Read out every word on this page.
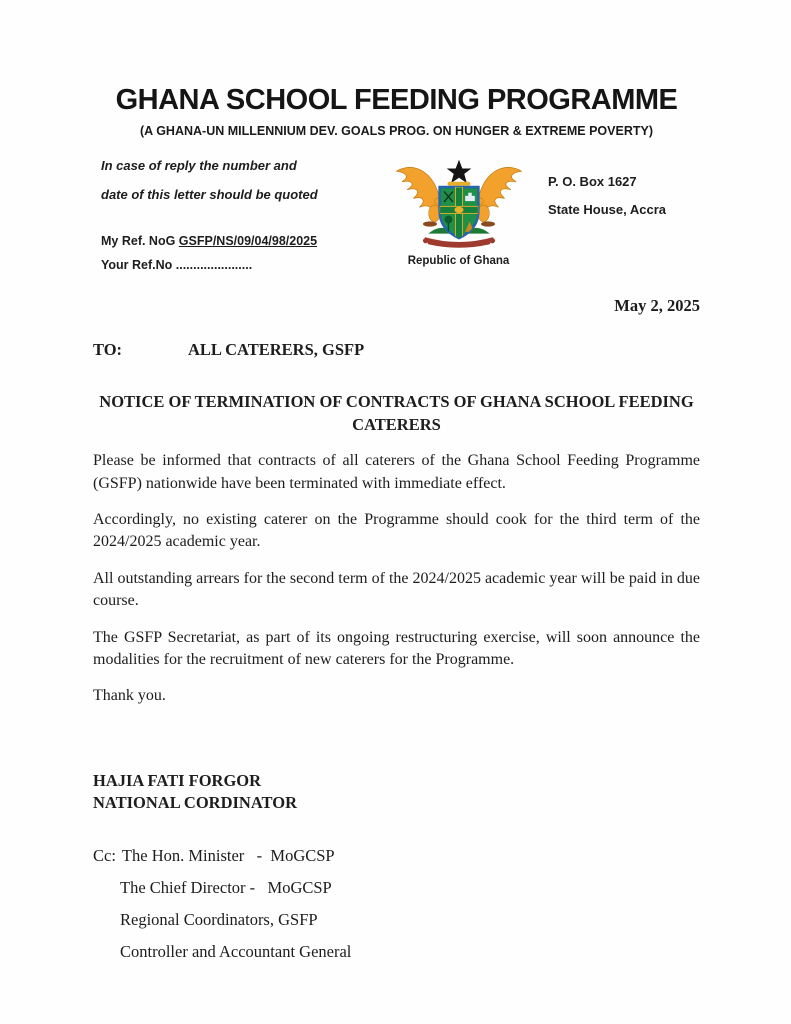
GHANA SCHOOL FEEDING PROGRAMME
(A GHANA-UN MILLENNIUM DEV. GOALS PROG. ON HUNGER & EXTREME POVERTY)
In case of reply the number and
date of this letter should be quoted
My Ref. NoG GSFP/NS/09/04/98/2025
Your Ref.No ......................	Republic of Ghana
P. O. Box 1627
State House, Accra
May 2, 2025
TO:	ALL CATERERS, GSFP
NOTICE OF TERMINATION OF CONTRACTS OF GHANA SCHOOL FEEDING CATERERS

Please be informed that contracts of all caterers of the Ghana School Feeding Programme (GSFP) nationwide have been terminated with immediate effect.

Accordingly, no existing caterer on the Programme should cook for the third term of the 2024/2025 academic year.

All outstanding arrears for the second term of the 2024/2025 academic year will be paid in due course.

The GSFP Secretariat, as part of its ongoing restructuring exercise, will soon announce the modalities for the recruitment of new caterers for the Programme.

Thank you.

HAJIA FATI FORGOR
NATIONAL CORDINATOR
Cc: The Hon. Minister   -  MoGCSP
The Chief Director -   MoGCSP
Regional Coordinators, GSFP
Controller and Accountant General
